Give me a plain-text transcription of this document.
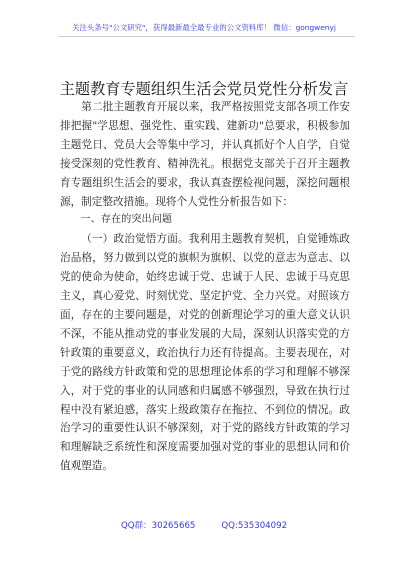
关注头条号"公文研究"，获得最新最全最专业的公文资料库！ 微信：gongwenyj
主题教育专题组织生活会党员党性分析发言

第二批主题教育开展以来，我严格按照党支部各项工作安排把握"学思想、强党性、重实践、建新功"总要求，积极参加主题党日、党员大会等集中学习，并认真抓好个人自学，自觉接受深刻的党性教育、精神洗礼。根据党支部关于召开主题教育专题组织生活会的要求，我认真查摆检视问题，深挖问题根源，制定整改措施。现将个人党性分析报告如下：

一、存在的突出问题

（一）政治觉悟方面。我利用主题教育契机，自觉锤炼政治品格，努力做到以党的旗帜为旗帜、以党的意志为意志、以党的使命为使命，始终忠诚于党、忠诚于人民、忠诚于马克思主义，真心爱党、时刻忧党、坚定护党、全力兴党。对照该方面，存在的主要问题是，对党的创新理论学习的重大意义认识不深，不能从推动党的事业发展的大局，深刻认识落实党的方针政策的重要意义，政治执行力还有待提高。主要表现在，对于党的路线方针政策和党的思想理论体系的学习和理解不够深入，对于党的事业的认同感和归属感不够强烈，导致在执行过程中没有紧迫感，落实上级政策存在拖拉、不到位的情况。政治学习的重要性认识不够深刻，对于党的路线方针政策的学习和理解缺乏系统性和深度需要加强对党的事业的思想认同和价值观塑造。

QQ群：30265665	QQ:535304092
